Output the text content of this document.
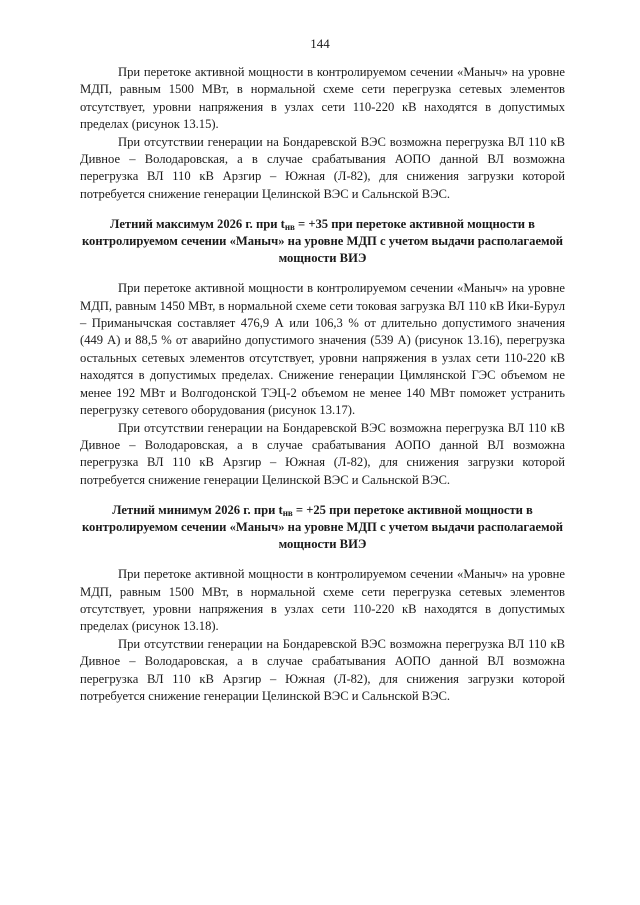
144

При перетоке активной мощности в контролируемом сечении «Маныч» на уровне МДП, равным 1500 МВт, в нормальной схеме сети перегрузка сетевых элементов отсутствует, уровни напряжения в узлах сети 110-220 кВ находятся в допустимых пределах (рисунок 13.15).

При отсутствии генерации на Бондаревской ВЭС возможна перегрузка ВЛ 110 кВ Дивное – Володаровская, а в случае срабатывания АОПО данной ВЛ возможна перегрузка ВЛ 110 кВ Арзгир – Южная (Л-82), для снижения загрузки которой потребуется снижение генерации Целинской ВЭС и Сальнской ВЭС.

Летний максимум 2026 г. при $t_{нв} = +35$ при перетоке активной мощности в контролируемом сечении «Маныч» на уровне МДП с учетом выдачи располагаемой мощности ВИЭ

При перетоке активной мощности в контролируемом сечении «Маныч» на уровне МДП, равным 1450 МВт, в нормальной схеме сети токовая загрузка ВЛ 110 кВ Ики-Бурул – Приманычская составляет 476,9 А или 106,3 % от длительно допустимого значения (449 А) и 88,5 % от аварийно допустимого значения (539 А) (рисунок 13.16), перегрузка остальных сетевых элементов отсутствует, уровни напряжения в узлах сети 110-220 кВ находятся в допустимых пределах. Снижение генерации Цимлянской ГЭС объемом не менее 192 МВт и Волгодонской ТЭЦ-2 объемом не менее 140 МВт поможет устранить перегрузку сетевого оборудования (рисунок 13.17).

При отсутствии генерации на Бондаревской ВЭС возможна перегрузка ВЛ 110 кВ Дивное – Володаровская, а в случае срабатывания АОПО данной ВЛ возможна перегрузка ВЛ 110 кВ Арзгир – Южная (Л-82), для снижения загрузки которой потребуется снижение генерации Целинской ВЭС и Сальнской ВЭС.

Летний минимум 2026 г. при $t_{нв} = +25$ при перетоке активной мощности в контролируемом сечении «Маныч» на уровне МДП с учетом выдачи располагаемой мощности ВИЭ

При перетоке активной мощности в контролируемом сечении «Маныч» на уровне МДП, равным 1500 МВт, в нормальной схеме сети перегрузка сетевых элементов отсутствует, уровни напряжения в узлах сети 110-220 кВ находятся в допустимых пределах (рисунок 13.18).

При отсутствии генерации на Бондаревской ВЭС возможна перегрузка ВЛ 110 кВ Дивное – Володаровская, а в случае срабатывания АОПО данной ВЛ возможна перегрузка ВЛ 110 кВ Арзгир – Южная (Л-82), для снижения загрузки которой потребуется снижение генерации Целинской ВЭС и Сальнской ВЭС.
